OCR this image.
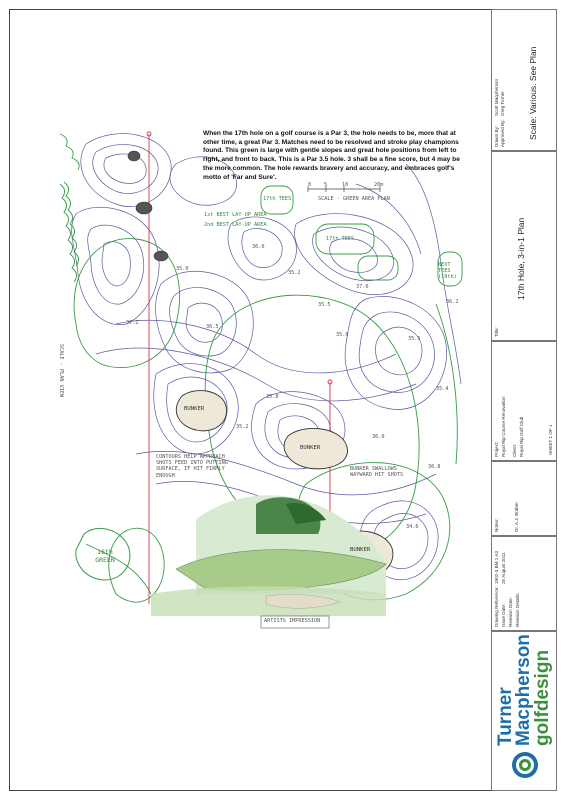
When the 17th hole on a golf course is a Par 3, the hole needs to be, more that at other time, a great Par 3. Matches need to be resolved and stroke play champions found. This green is large with gentle slopes and great hole positions from left to right, and front to back. This is a Par 3.5 hole. 3 shall be a fine score, but 4 may be the more common. The hole rewards bravery and accuracy, and embraces golf's motto of 'Far and Sure'.
0 5	10	20m
SCALE - GREEN AREA PLAN
SCALE - PLAN VIEW
1st BEST LAY-UP AREA
2nd BEST LAY-UP AREA
17th TEES
17th TEES
NEXT TEES (18th)
BUNKER
BUNKER
BUNKER
CONTOURS HELP APPROACH SHOTS FEED INTO PUTTING SURFACE, IF HIT FIRMLY ENOUGH
BUNKER SWALLOWS WAYWARD HIT SHOTS
16th GREEN
ARTISTS IMPRESSION
35.0
36.0
35.2
37.0
36.5
35.0
35.5
36.2
37.2
35.8
35.4
36.0
35.2
36.8
34.6
35.5
Turner
Macpherson
golfdesign
Drawing Reference:
1902-3 BM 1 A3
Issue Date:
25 August 2011
Revision Date: Revision Details:
Notes:	Dr. A.J. Brabet
Project: Royal Rip Course Renovation Client: Royal Rip Golf Club	SHEET 1 OF 1
Title:
17th Hole, 3-in-1 Plan
Drawn By:
Scott Macpherson
Approved By:
Greg Turner	Scale: Various. See Plan
